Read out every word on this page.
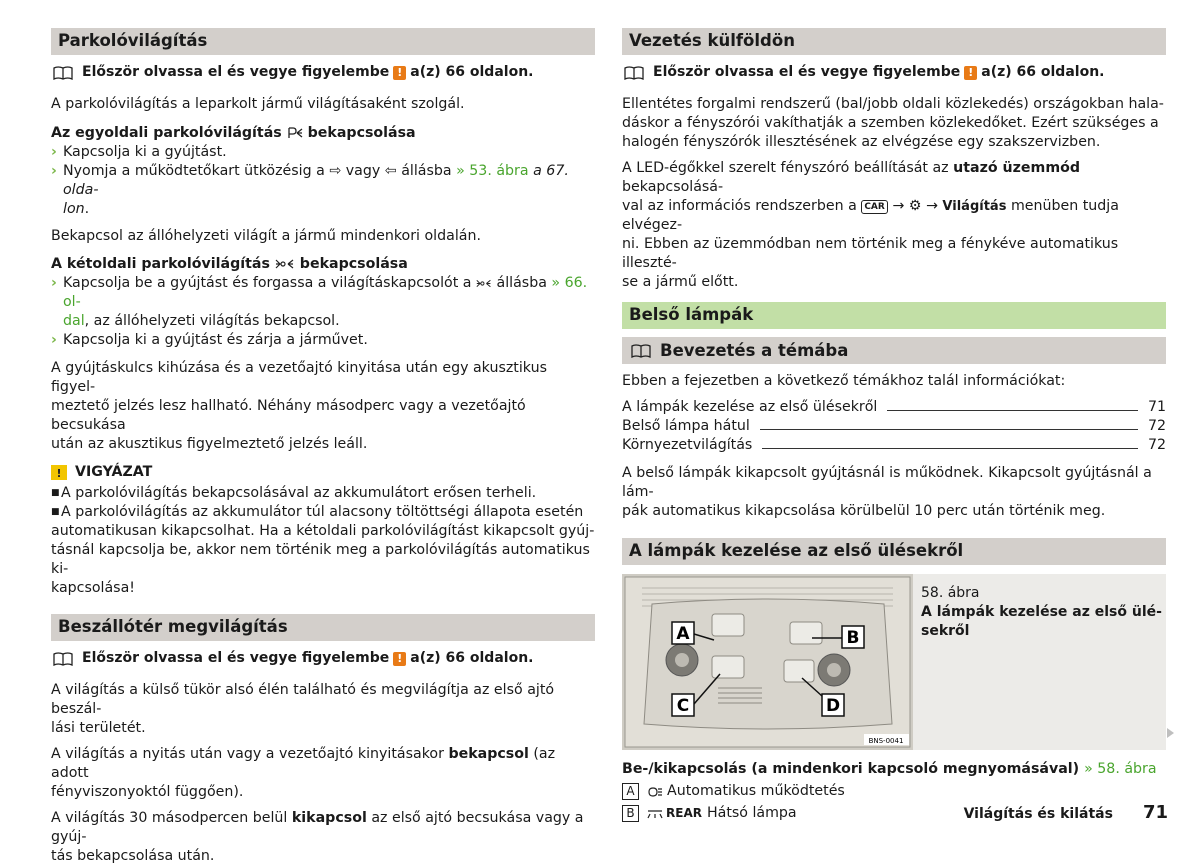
Parkolóvilágítás
Először olvassa el és vegye figyelembe ! a(z) 66 oldalon.

A parkolóvilágítás a leparkolt jármű világításaként szolgál.

Az egyoldali parkolóvilágítás bekapcsolása

› Kapcsolja ki a gyújtást.
› Nyomja a működtetőkart ütközésig a ⇨ vagy ⇦ állásba » 53. ábra a 67. olda-
lon.

Bekapcsol az állóhelyzeti világít a jármű mindenkori oldalán.

A kétoldali parkolóvilágítás bekapcsolása

› Kapcsolja be a gyújtást és forgassa a világításkapcsolót a állásba » 66. ol-
dal, az állóhelyzeti világítás bekapcsol.
› Kapcsolja ki a gyújtást és zárja a járművet.

A gyújtáskulcs kihúzása és a vezetőajtó kinyitása után egy akusztikus figyel-
meztető jelzés lesz hallható. Néhány másodperc vagy a vezetőajtó becsukása
után az akusztikus figyelmeztető jelzés leáll.

! VIGYÁZAT
■ A parkolóvilágítás bekapcsolásával az akkumulátort erősen terheli.
■ A parkolóvilágítás az akkumulátor túl alacsony töltöttségi állapota esetén

automatikusan kikapcsolhat. Ha a kétoldali parkolóvilágítást kikapcsolt gyúj-
tásnál kapcsolja be, akkor nem történik meg a parkolóvilágítás automatikus ki-
kapcsolása!

Beszállótér megvilágítás
Először olvassa el és vegye figyelembe ! a(z) 66 oldalon.

A világítás a külső tükör alsó élén található és megvilágítja az első ajtó beszál-
lási területét.

A világítás a nyitás után vagy a vezetőajtó kinyitásakor bekapcsol (az adott
fényviszonyoktól függően).

A világítás 30 másodpercen belül kikapcsol az első ajtó becsukása vagy a gyúj-
tás bekapcsolása után.

Vezetés külföldön
Először olvassa el és vegye figyelembe ! a(z) 66 oldalon.

Ellentétes forgalmi rendszerű (bal/jobb oldali közlekedés) országokban hala-
dáskor a fényszórói vakíthatják a szemben közlekedőket. Ezért szükséges a
halogén fényszórók illesztésének az elvégzése egy szakszervizben.

A LED-égőkkel szerelt fényszóró beállítását az utazó üzemmód bekapcsolásá-
val az információs rendszerben a CAR → ⚙ → Világítás menüben tudja elvégez-
ni. Ebben az üzemmódban nem történik meg a fénykéve automatikus illeszté-
se a jármű előtt.

Belső lámpák
Bevezetés a témába

Ebben a fejezetben a következő témákhoz talál információkat:

A lámpák kezelése az első ülésekről	71
Belső lámpa hátul	72
Környezetvilágítás	72

A belső lámpák kikapcsolt gyújtásnál is működnek. Kikapcsolt gyújtásnál a lám-
pák automatikus kikapcsolása körülbelül 10 perc után történik meg.

A lámpák kezelése az első ülésekről
A	B
C	D
BNS-0041

58. ábra

A lámpák kezelése az első ülé-
sekről

Be-/kikapcsolás (a mindenkori kapcsoló megnyomásával) » 58. ábra

A	Automatikus működtetés
B	REAR Hátsó lámpa	Világítás és kilátás 71
